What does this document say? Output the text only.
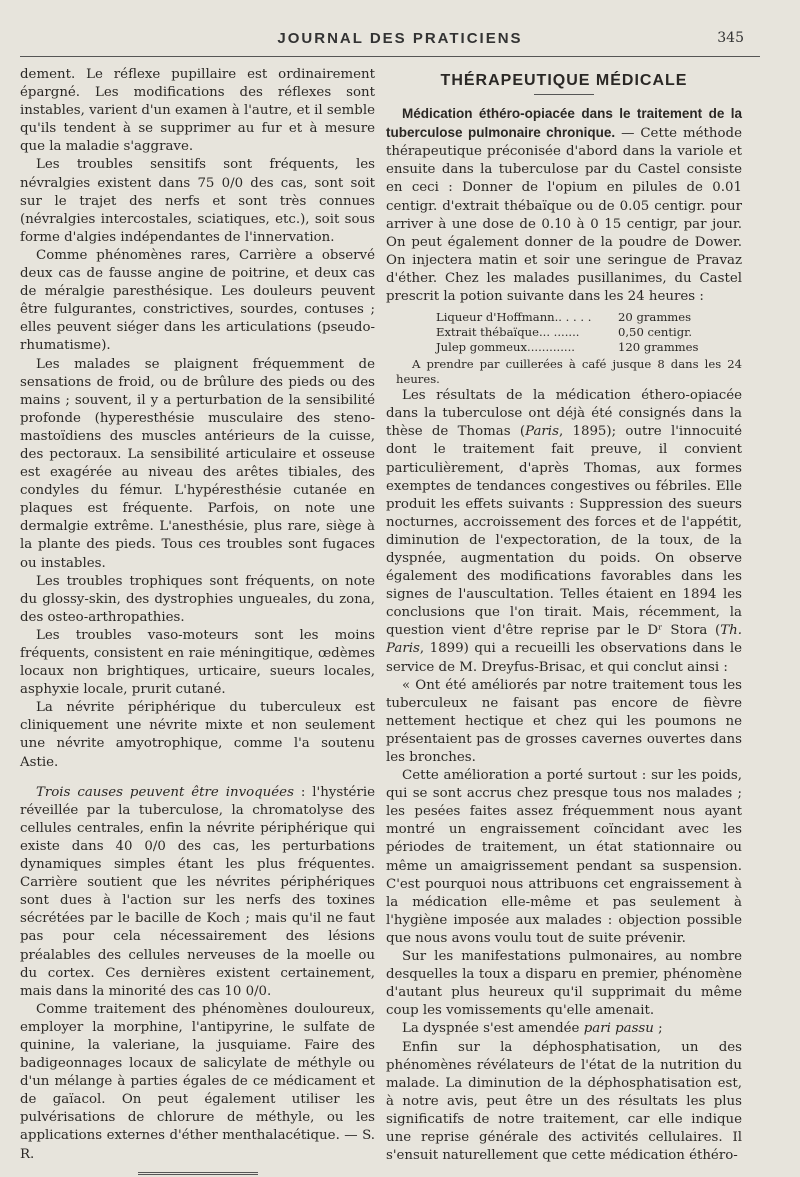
JOURNAL DES PRATICIENS	345

dement. Le réflexe pupillaire est ordinairement épargné. Les modifications des réflexes sont instables, varient d'un examen à l'autre, et il semble qu'ils tendent à se supprimer au fur et à mesure que la maladie s'aggrave.

Les troubles sensitifs sont fréquents, les névralgies existent dans 75 0/0 des cas, sont soit sur le trajet des nerfs et sont très connues (névralgies intercostales, sciatiques, etc.), soit sous forme d'algies indépendantes de l'innervation.

Comme phénomènes rares, Carrière a observé deux cas de fausse angine de poitrine, et deux cas de méralgie paresthésique. Les douleurs peuvent être fulgurantes, constrictives, sourdes, contuses ; elles peuvent siéger dans les articulations (pseudo-rhumatisme).

Les malades se plaignent fréquemment de sensations de froid, ou de brûlure des pieds ou des mains ; souvent, il y a perturbation de la sensibilité profonde (hyperesthésie musculaire des steno-mastoïdiens des muscles antérieurs de la cuisse, des pectoraux. La sensibilité articulaire et osseuse est exagérée au niveau des arêtes tibiales, des condyles du fémur. L'hypéresthésie cutanée en plaques est fréquente. Parfois, on note une dermalgie extrême. L'anesthésie, plus rare, siège à la plante des pieds. Tous ces troubles sont fugaces ou instables.

Les troubles trophiques sont fréquents, on note du glossy-skin, des dystrophies ungueales, du zona, des osteo-arthropathies.

Les troubles vaso-moteurs sont les moins fréquents, consistent en raie méningitique, œdèmes locaux non brightiques, urticaire, sueurs locales, asphyxie locale, prurit cutané.

La névrite périphérique du tuberculeux est cliniquement une névrite mixte et non seulement une névrite amyotrophique, comme l'a soutenu Astie.

Trois causes peuvent être invoquées : l'hystérie réveillée par la tuberculose, la chromatolyse des cellules centrales, enfin la névrite périphérique qui existe dans 40 0/0 des cas, les perturbations dynamiques simples étant les plus fréquentes. Carrière soutient que les névrites périphériques sont dues à l'action sur les nerfs des toxines sécrétées par le bacille de Koch ; mais qu'il ne faut pas pour cela nécessairement des lésions préalables des cellules nerveuses de la moelle ou du cortex. Ces dernières existent certainement, mais dans la minorité des cas 10 0/0.

Comme traitement des phénomènes douloureux, employer la morphine, l'antipyrine, le sulfate de quinine, la valeriane, la jusquiame. Faire des badigeonnages locaux de salicylate de méthyle ou d'un mélange à parties égales de ce médicament et de gaïacol. On peut également utiliser les pulvérisations de chlorure de méthyle, ou les applications externes d'éther menthalacétique. — S. R.

THÉRAPEUTIQUE MÉDICALE

Médication éthéro-opiacée dans le traitement de la tuberculose pulmonaire chronique. — Cette méthode thérapeutique préconisée d'abord dans la variole et ensuite dans la tuberculose par du Castel consiste en ceci : Donner de l'opium en pilules de 0.01 centigr. d'extrait thébaïque ou de 0.05 centigr. pour arriver à une dose de 0.10 à 0 15 centigr, par jour. On peut également donner de la poudre de Dower. On injectera matin et soir une seringue de Pravaz d'éther. Chez les malades pusillanimes, du Castel prescrit la potion suivante dans les 24 heures :

Liqueur d'Hoffmann.. . . . .	20 grammes
Extrait thébaïque... .......	0,50 centigr.
Julep gommeux.............	120 grammes

A prendre par cuillerées à café jusque 8 dans les 24 heures.

Les résultats de la médication éthero-opiacée dans la tuberculose ont déjà été consignés dans la thèse de Thomas (Paris, 1895); outre l'innocuité dont le traitement fait preuve, il convient particulièrement, d'après Thomas, aux formes exemptes de tendances congestives ou fébriles. Elle produit les effets suivants : Suppression des sueurs nocturnes, accroissement des forces et de l'appétit, diminution de l'expectoration, de la toux, de la dyspnée, augmentation du poids. On observe également des modifications favorables dans les signes de l'auscultation. Telles étaient en 1894 les conclusions que l'on tirait. Mais, récemment, la question vient d'être reprise par le Dʳ Stora (Th. Paris, 1899) qui a recueilli les observations dans le service de M. Dreyfus-Brisac, et qui conclut ainsi :

« Ont été améliorés par notre traitement tous les tuberculeux ne faisant pas encore de fièvre nettement hectique et chez qui les poumons ne présentaient pas de grosses cavernes ouvertes dans les bronches.

Cette amélioration a porté surtout : sur les poids, qui se sont accrus chez presque tous nos malades ; les pesées faites assez fréquemment nous ayant montré un engraissement coïncidant avec les périodes de traitement, un état stationnaire ou même un amaigrissement pendant sa suspension. C'est pourquoi nous attribuons cet engraissement à la médication elle-même et pas seulement à l'hygiène imposée aux malades : objection possible que nous avons voulu tout de suite prévenir.

Sur les manifestations pulmonaires, au nombre desquelles la toux a disparu en premier, phénomène d'autant plus heureux qu'il supprimait du même coup les vomissements qu'elle amenait.

La dyspnée s'est amendée pari passu ;

Enfin sur la déphosphatisation, un des phénomènes révélateurs de l'état de la nutrition du malade. La diminution de la déphosphatisation est, à notre avis, peut être un des résultats les plus significatifs de notre traitement, car elle indique une reprise générale des activités cellulaires. Il s'ensuit naturellement que cette médication éthéro-
